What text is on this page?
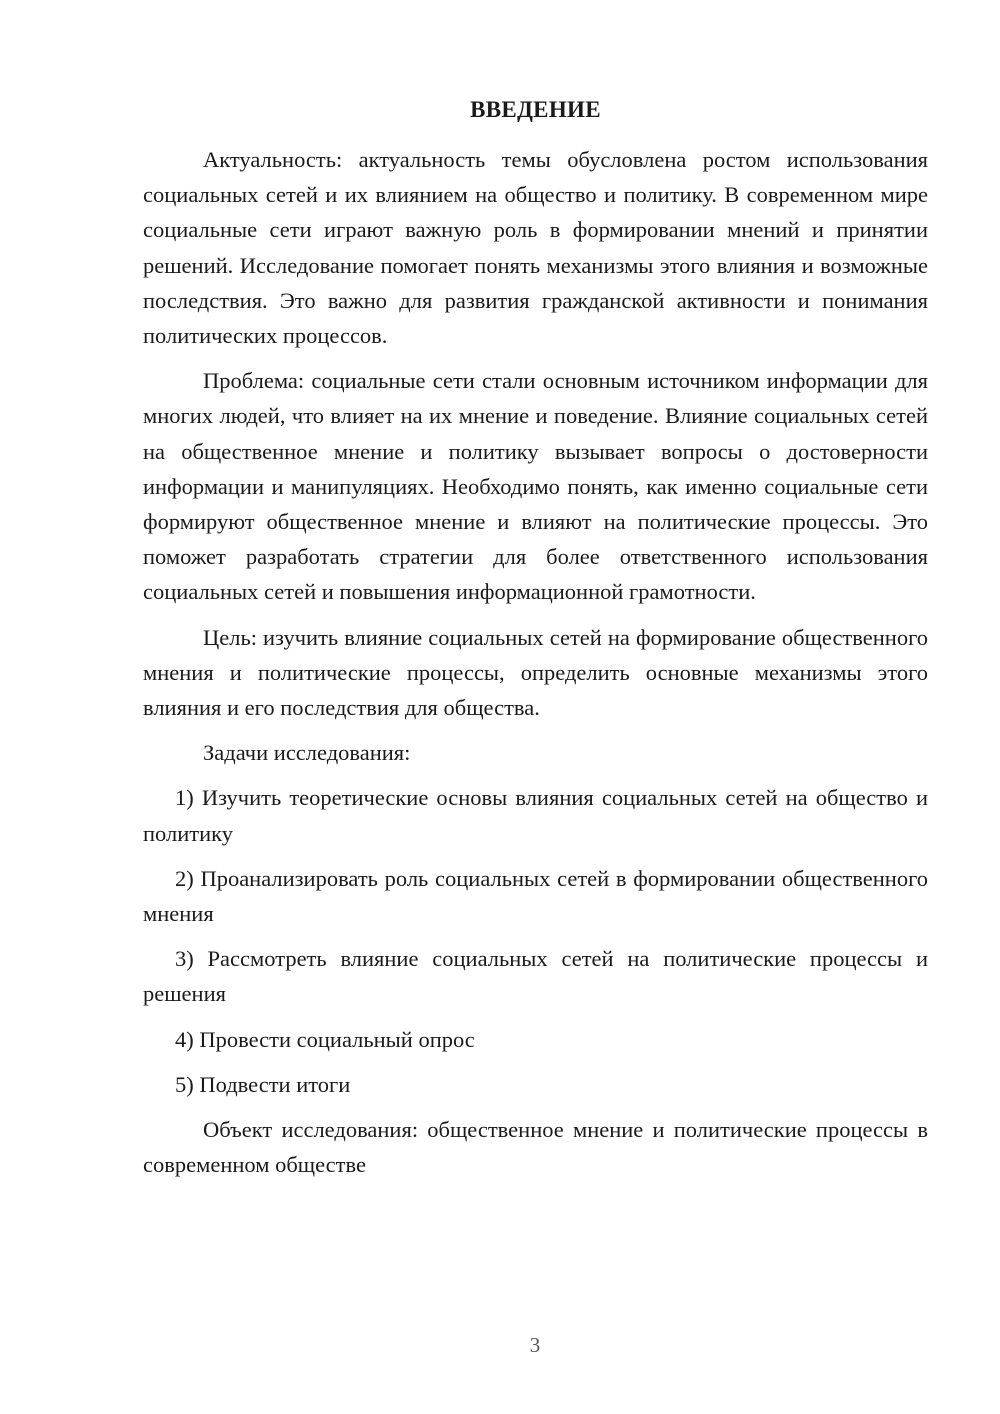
ВВЕДЕНИЕ

Актуальность: актуальность темы обусловлена ростом использования социальных сетей и их влиянием на общество и политику. В современном мире социальные сети играют важную роль в формировании мнений и принятии решений. Исследование помогает понять механизмы этого влияния и возможные последствия. Это важно для развития гражданской активности и понимания политических процессов.

Проблема: социальные сети стали основным источником информации для многих людей, что влияет на их мнение и поведение. Влияние социальных сетей на общественное мнение и политику вызывает вопросы о достоверности информации и манипуляциях. Необходимо понять, как именно социальные сети формируют общественное мнение и влияют на политические процессы. Это поможет разработать стратегии для более ответственного использования социальных сетей и повышения информационной грамотности.

Цель: изучить влияние социальных сетей на формирование общественного мнения и политические процессы, определить основные механизмы этого влияния и его последствия для общества.

Задачи исследования:

1) Изучить теоретические основы влияния социальных сетей на общество и политику

2) Проанализировать роль социальных сетей в формировании общественного мнения

3) Рассмотреть влияние социальных сетей на политические процессы и решения

4) Провести социальный опрос

5) Подвести итоги

Объект исследования: общественное мнение и политические процессы в современном обществе

3
